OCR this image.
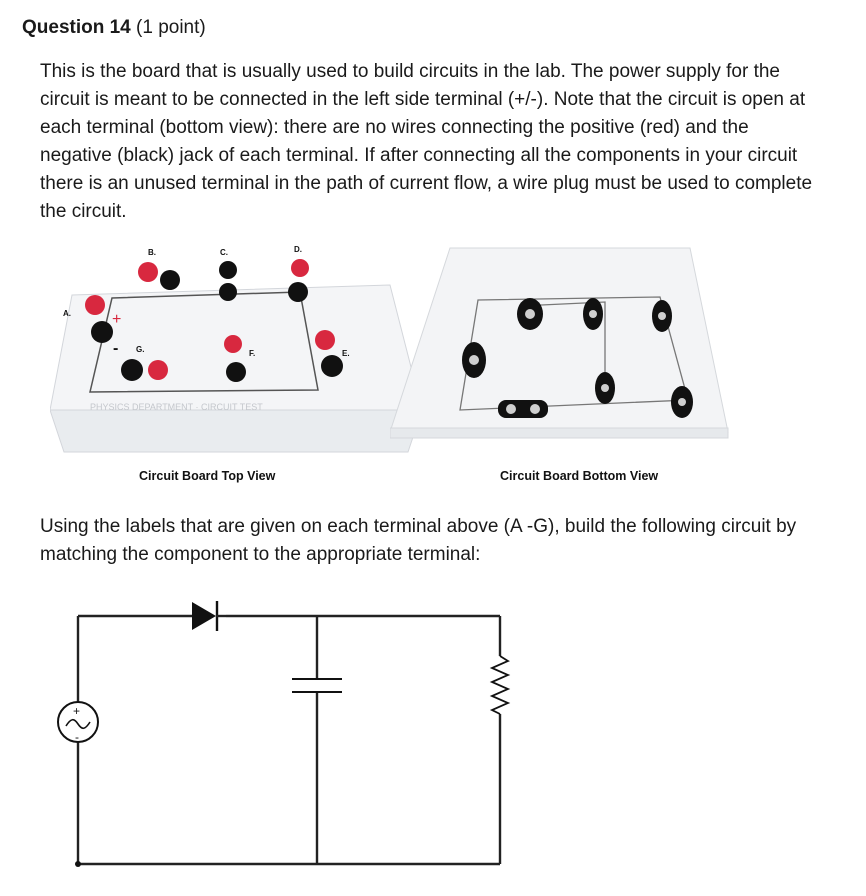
Question 14 (1 point)

This is the board that is usually used to build circuits in the lab. The power supply for the circuit is meant to be connected in the left side terminal (+/-). Note that the circuit is open at each terminal (bottom view): there are no wires connecting the positive (red) and the negative (black) jack of each terminal. If after connecting all the components in your circuit there is an unused terminal in the path of current flow, a wire plug must be used to complete the circuit.

PHYSICS DEPARTMENT · CIRCUIT TEST
A.
B.	C.	D.
E.
F.
G.
+
-
Circuit Board Top View	Circuit Board Bottom View

Using the labels that are given on each terminal above (A -G), build the following circuit by matching the component to the appropriate terminal:

+
-
